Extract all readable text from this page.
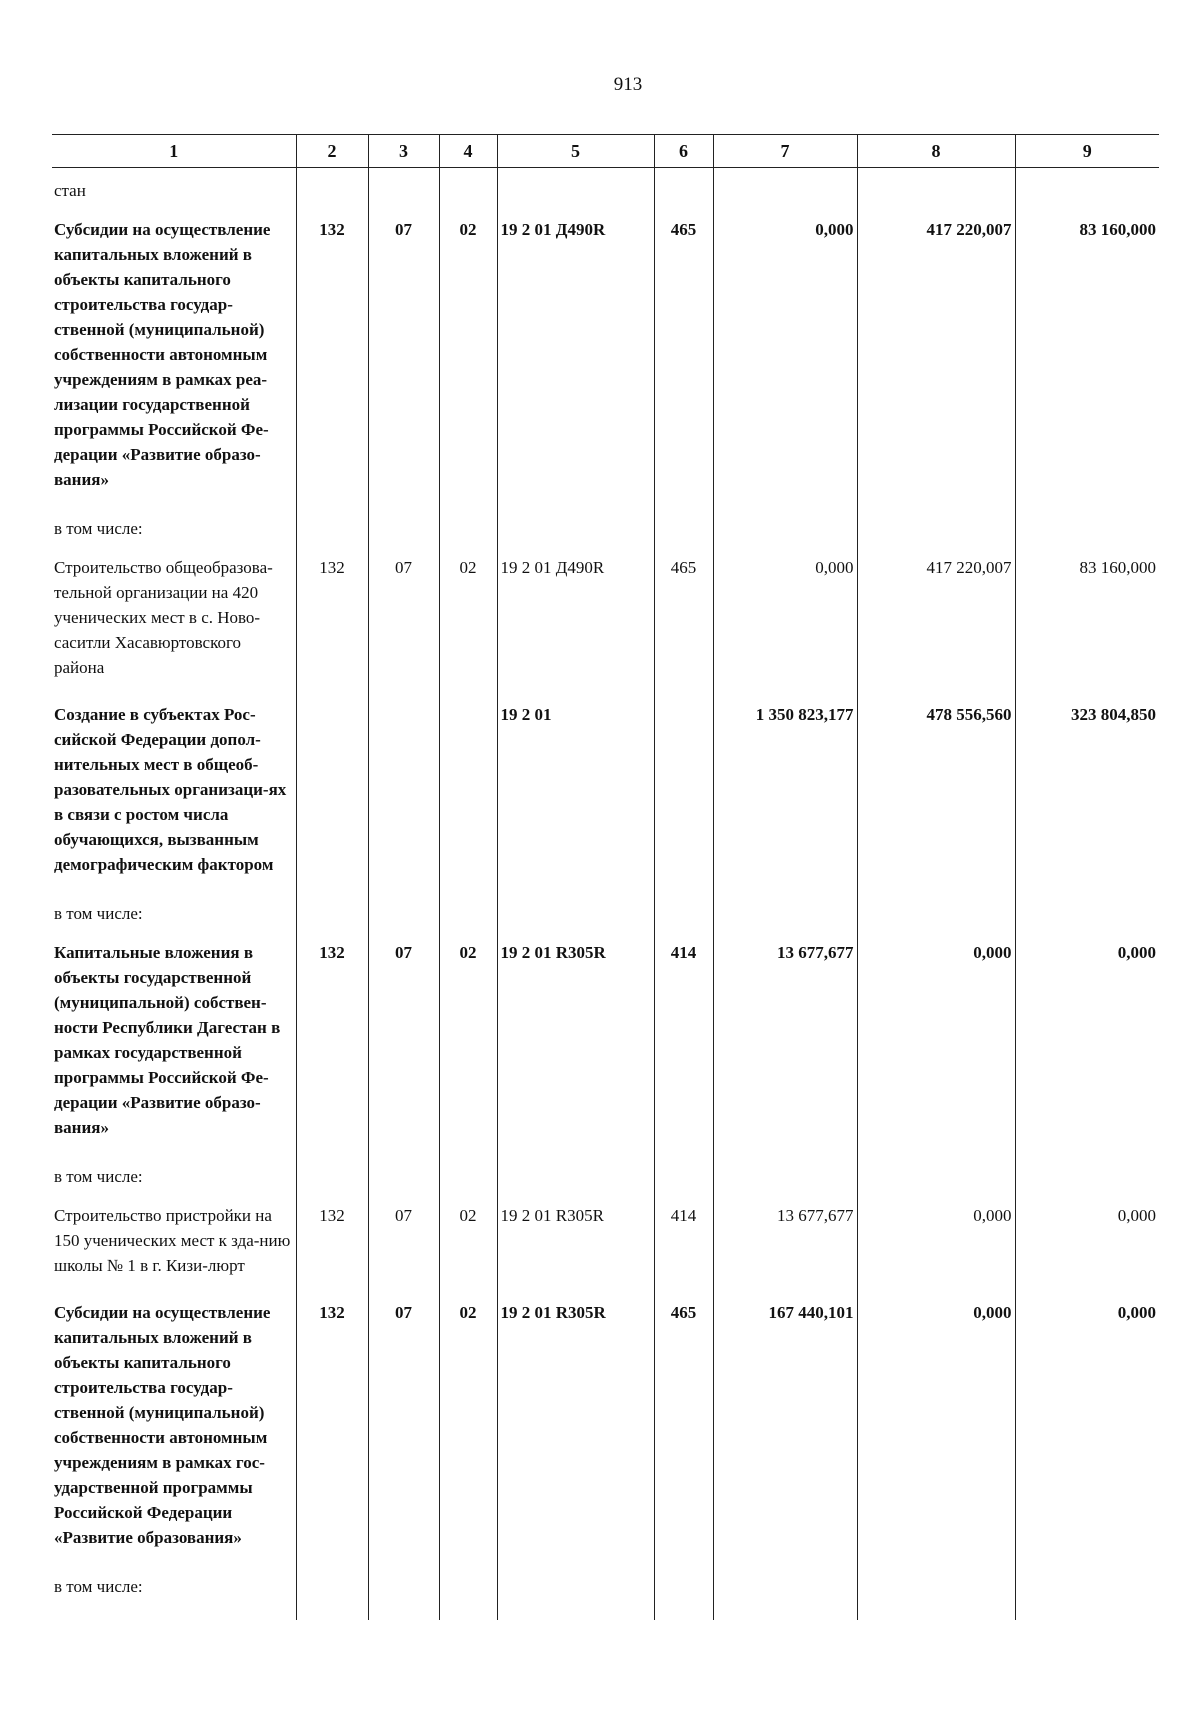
913
1	2	3	4	5	6	7	8	9
стан								
Субсидии на осуществление капитальных вложений в объекты капитального строительства государ-ственной (муниципальной) собственности автономным учреждениям в рамках реа-лизации государственной программы Российской Фе-дерации «Развитие образо-вания»	132	07	02	19 2 01 Д490R	465	0,000	417 220,007	83 160,000
в том числе:								
Строительство общеобразова-тельной организации на 420 ученических мест в с. Ново-саситли Хасавюртовского района	132	07	02	19 2 01 Д490R	465	0,000	417 220,007	83 160,000
Создание в субъектах Рос-сийской Федерации допол-нительных мест в общеоб-разовательных организаци-ях в связи с ростом числа обучающихся, вызванным демографическим фактором				19 2 01		1 350 823,177	478 556,560	323 804,850
в том числе:								
Капитальные вложения в объекты государственной (муниципальной) собствен-ности Республики Дагестан в рамках государственной программы Российской Фе-дерации «Развитие образо-вания»	132	07	02	19 2 01 R305R	414	13 677,677	0,000	0,000
в том числе:								
Строительство пристройки на 150 ученических мест к зда-нию школы № 1 в г. Кизи-люрт	132	07	02	19 2 01 R305R	414	13 677,677	0,000	0,000
Субсидии на осуществление капитальных вложений в объекты капитального строительства государ-ственной (муниципальной) собственности автономным учреждениям в рамках гос-ударственной программы Российской Федерации «Развитие образования»	132	07	02	19 2 01 R305R	465	167 440,101	0,000	0,000
в том числе:								
